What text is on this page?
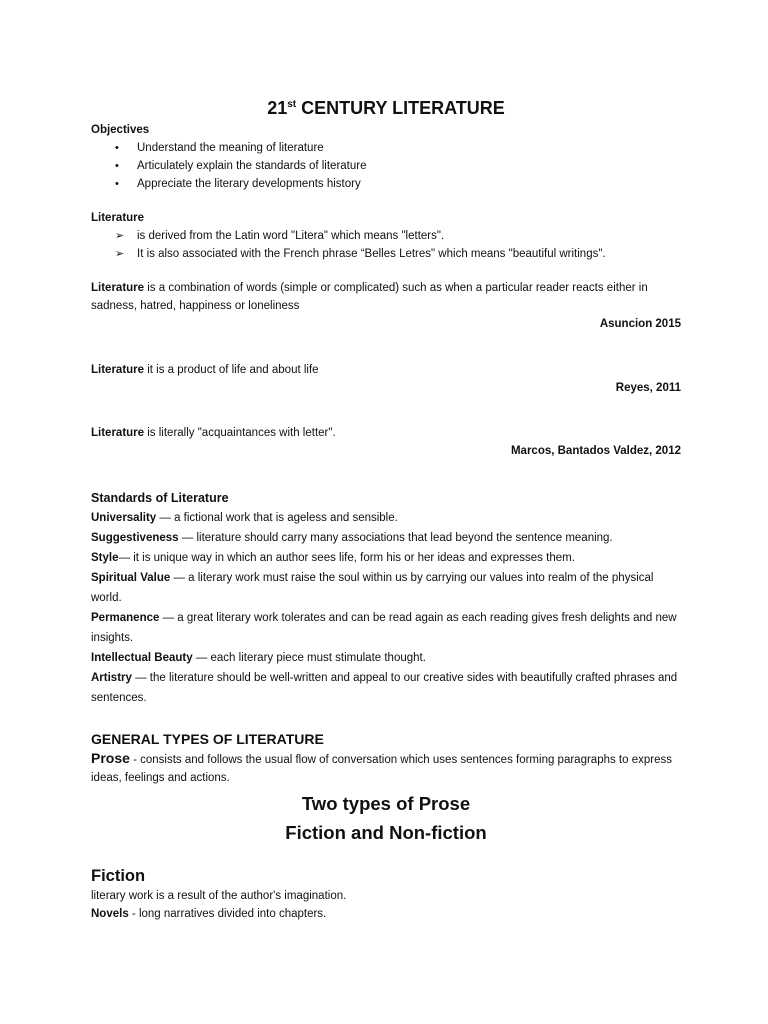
21st CENTURY LITERATURE
Objectives
• Understand the meaning of literature
• Articulately explain the standards of literature
• Appreciate the literary developments history
Literature
➢ is derived from the Latin word "Litera" which means "letters".
➢ It is also associated with the French phrase “Belles Letres" which means "beautiful writings".
Literature is a combination of words (simple or complicated) such as when a particular reader reacts either in sadness, hatred, happiness or loneliness
Asuncion 2015
Literature it is a product of life and about life
Reyes, 2011
Literature is literally "acquaintances with letter".
Marcos, Bantados Valdez, 2012
Standards of Literature
Universality — a fictional work that is ageless and sensible.
Suggestiveness — literature should carry many associations that lead beyond the sentence meaning.
Style— it is unique way in which an author sees life, form his or her ideas and expresses them.
Spiritual Value — a literary work must raise the soul within us by carrying our values into realm of the physical world.
Permanence — a great literary work tolerates and can be read again as each reading gives fresh delights and new insights.
Intellectual Beauty — each literary piece must stimulate thought.
Artistry — the literature should be well-written and appeal to our creative sides with beautifully crafted phrases and sentences.
GENERAL TYPES OF LITERATURE
Prose - consists and follows the usual flow of conversation which uses sentences forming paragraphs to express ideas, feelings and actions.
Two types of Prose
Fiction and Non-fiction
Fiction
literary work is a result of the author's imagination.
Novels - long narratives divided into chapters.
